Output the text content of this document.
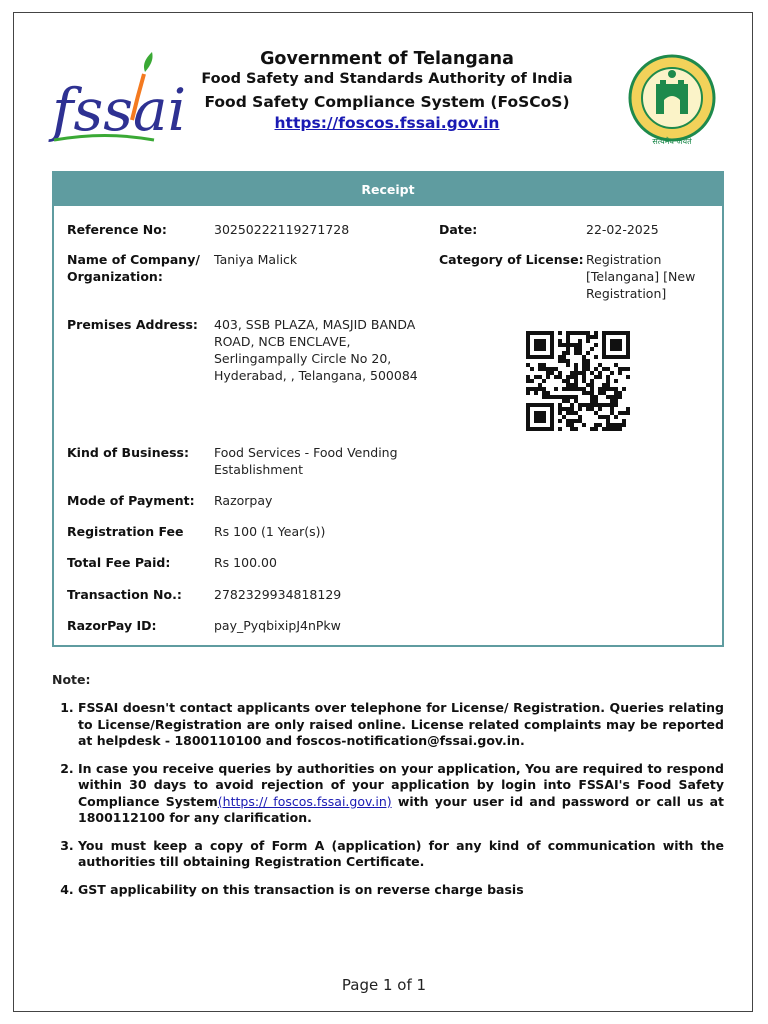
fssai	सत्यमेव जयते
Government of Telangana
Food Safety and Standards Authority of India
Food Safety Compliance System (FoSCoS)
https://foscos.fssai.gov.in
Receipt
Reference No:	30250222119271728	Date:	22-02-2025
Name of Company/
Organization:
Taniya Malick	Category of License: Registration
[Telangana] [New
Registration]
Premises Address: 403, SSB PLAZA, MASJID BANDA
ROAD, NCB ENCLAVE,
Serlingampally Circle No 20,
Hyderabad, , Telangana, 500084
Kind of Business: Food Services - Food Vending
Establishment
Mode of Payment: Razorpay
Registration Fee Rs 100 (1 Year(s))
Total Fee Paid:	Rs 100.00
Transaction No.:	2782329934818129
RazorPay ID:	pay_PyqbixipJ4nPkw
Note:
1. FSSAI doesn't contact applicants over telephone for License/ Registration. Queries relating to License/Registration are only raised online. License related complaints may be reported at helpdesk - 1800110100 and foscos-notification@fssai.gov.in.
2. In case you receive queries by authorities on your application, You are required to respond within 30 days to avoid rejection of your application by login into FSSAI's Food Safety Compliance System(https:// foscos.fssai.gov.in) with your user id and password or call us at 1800112100 for any clarification.
3. You must keep a copy of Form A (application) for any kind of communication with the authorities till obtaining Registration Certificate.
4. GST applicability on this transaction is on reverse charge basis
Page 1 of 1
